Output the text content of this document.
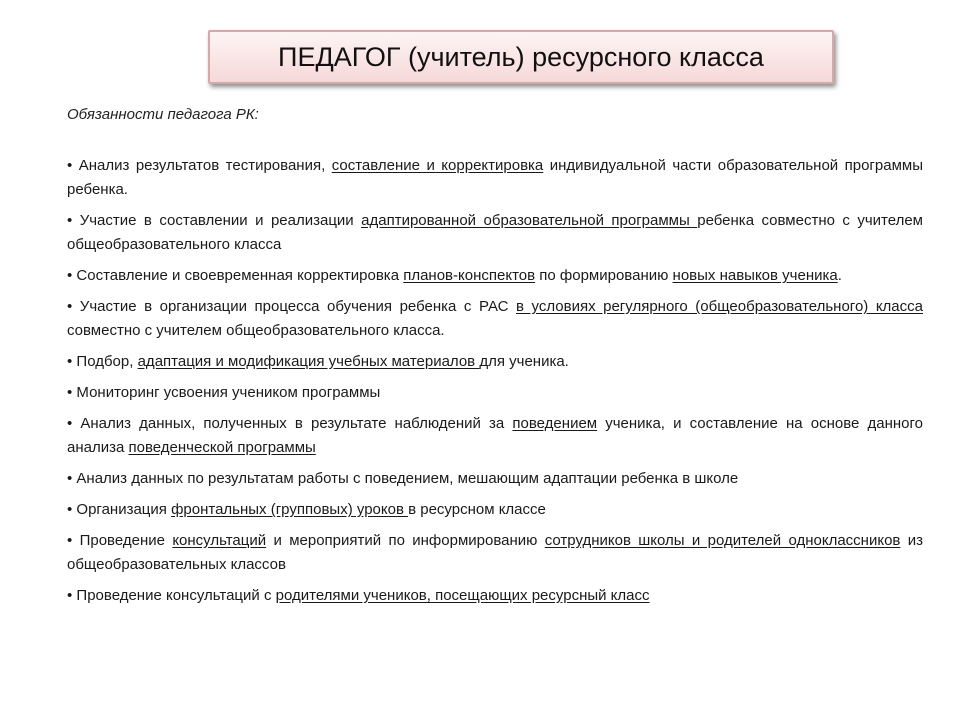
ПЕДАГОГ (учитель) ресурсного класса
Обязанности педагога РК:

• Анализ результатов тестирования, составление и корректировка индивидуальной части образовательной программы ребенка.

• Участие в составлении и реализации адаптированной образовательной программы ребенка совместно с учителем общеобразовательного класса

• Составление и своевременная корректировка планов-конспектов по формированию новых навыков ученика.

• Участие в организации процесса обучения ребенка с РАС в условиях регулярного (общеобразовательного) класса совместно с учителем общеобразовательного класса.

• Подбор, адаптация и модификация учебных материалов для ученика.

• Мониторинг усвоения учеником программы

• Анализ данных, полученных в результате наблюдений за поведением ученика, и составление на основе данного анализа поведенческой программы

• Анализ данных по результатам работы с поведением, мешающим адаптации ребенка в школе

• Организация фронтальных (групповых) уроков в ресурсном классе

• Проведение консультаций и мероприятий по информированию сотрудников школы и родителей одноклассников из общеобразовательных классов

• Проведение консультаций с родителями учеников, посещающих ресурсный класс
